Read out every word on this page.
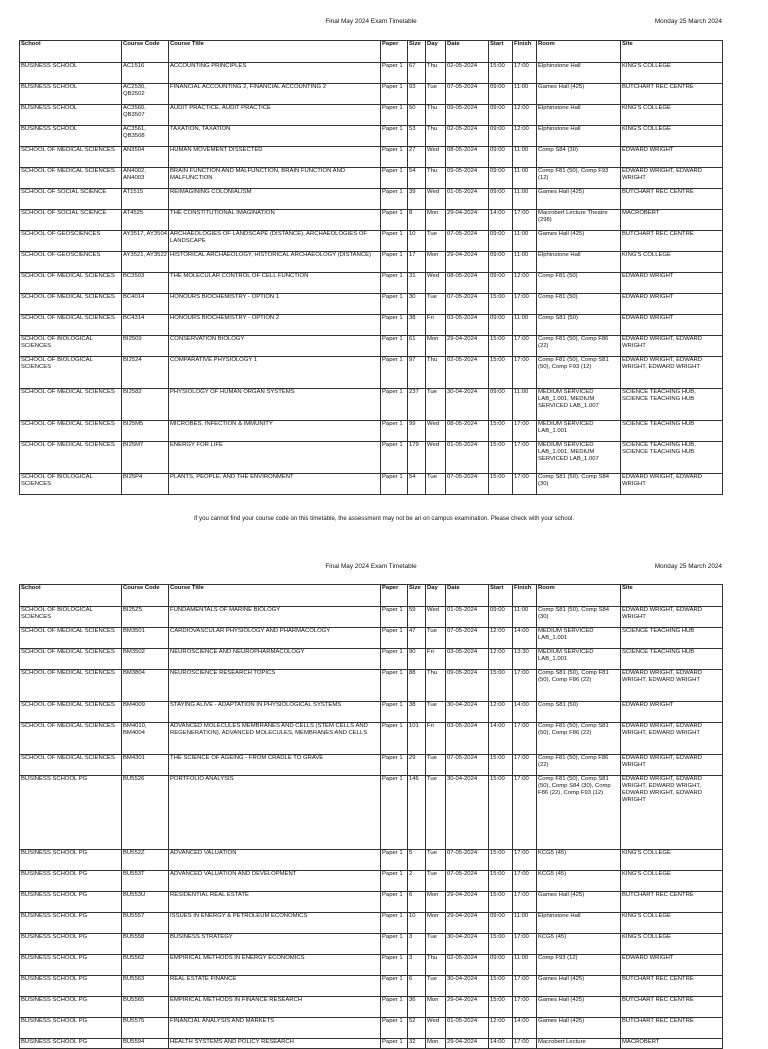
Final May 2024 Exam Timetable	Monday 25 March 2024
School	Course Code	Course Title	Paper	Size	Day	Date	Start	Finish	Room	Site
BUSINESS SCHOOL	AC1516	ACCOUNTING PRINCIPLES	Paper 1	67	Thu	02-05-2024	15:00	17:00	Elphinstone Hall	KING'S COLLEGE
BUSINESS SCHOOL	AC2530, QB2502	FINANCIAL ACCOUNTING 2, FINANCIAL ACCOUNTING 2	Paper 1	93	Tue	07-05-2024	09:00	11:00	Games Hall (425)	BUTCHART REC CENTRE
BUSINESS SCHOOL	AC3560, QB3507	AUDIT PRACTICE, AUDIT PRACTICE	Paper 1	50	Thu	09-05-2024	09:00	12:00	Elphinstone Hall	KING'S COLLEGE
BUSINESS SCHOOL	AC3561, QB3508	TAXATION, TAXATION	Paper 1	53	Thu	02-05-2024	09:00	12:00	Elphinstone Hall	KING'S COLLEGE
SCHOOL OF MEDICAL SCIENCES	AN3504	HUMAN MOVEMENT DISSECTED	Paper 1	27	Wed	08-05-2024	09:00	11:00	Comp S84 (30)	EDWARD WRIGHT
SCHOOL OF MEDICAL SCIENCES	AN4002, AN4003	BRAIN FUNCTION AND MALFUNCTION, BRAIN FUNCTION AND MALFUNCTION	Paper 1	54	Thu	09-05-2024	09:00	11:00	Comp F81 (50), Comp F93 (12)	EDWARD WRIGHT, EDWARD WRIGHT
SCHOOL OF SOCIAL SCIENCE	AT1515	REIMAGINING COLONIALISM	Paper 1	39	Wed	01-05-2024	09:00	11:00	Games Hall (425)	BUTCHART REC CENTRE
SCHOOL OF SOCIAL SCIENCE	AT4525	THE CONSTITUTIONAL IMAGINATION	Paper 1	8	Mon	29-04-2024	14:00	17:00	Macrobert Lecture Theatre (298)	MACROBERT
SCHOOL OF GEOSCIENCES	AY3517, AY3504	ARCHAEOLOGIES OF LANDSCAPE (DISTANCE), ARCHAEOLOGIES OF LANDSCAPE	Paper 1	10	Tue	07-05-2024	09:00	11:00	Games Hall (425)	BUTCHART REC CENTRE
SCHOOL OF GEOSCIENCES	AY3521, AY3522	HISTORICAL ARCHAEOLOGY, HISTORICAL ARCHAEOLOGY (DISTANCE)	Paper 1	17	Mon	29-04-2024	09:00	11:00	Elphinstone Hall	KING'S COLLEGE
SCHOOL OF MEDICAL SCIENCES	BC3503	THE MOLECULAR CONTROL OF CELL FUNCTION	Paper 1	31	Wed	08-05-2024	09:00	12:00	Comp F81 (50)	EDWARD WRIGHT
SCHOOL OF MEDICAL SCIENCES	BC4014	HONOURS BIOCHEMISTRY - OPTION 1	Paper 1	30	Tue	07-05-2024	15:00	17:00	Comp F81 (50)	EDWARD WRIGHT
SCHOOL OF MEDICAL SCIENCES	BC4314	HONOURS BIOCHEMISTRY - OPTION 2	Paper 1	38	Fri	03-05-2024	09:00	11:00	Comp S81 (50)	EDWARD WRIGHT
SCHOOL OF BIOLOGICAL SCIENCES	BI2509	CONSERVATION BIOLOGY	Paper 1	61	Mon	29-04-2024	15:00	17:00	Comp F81 (50), Comp F86 (22)	EDWARD WRIGHT, EDWARD WRIGHT
SCHOOL OF BIOLOGICAL SCIENCES	BI2524	COMPARATIVE PHYSIOLOGY 1	Paper 1	97	Thu	02-05-2024	15:00	17:00	Comp F81 (50), Comp S81 (50), Comp F93 (12)	EDWARD WRIGHT, EDWARD WRIGHT, EDWARD WRIGHT
SCHOOL OF MEDICAL SCIENCES	BI2582	PHYSIOLOGY OF HUMAN ORGAN SYSTEMS	Paper 1	237	Tue	30-04-2024	09:00	11:00	MEDIUM SERVICED LAB_1.001, MEDIUM SERVICED LAB_1.007	SCIENCE TEACHING HUB, SCIENCE TEACHING HUB
SCHOOL OF MEDICAL SCIENCES	BI25M5	MICROBES, INFECTION & IMMUNITY	Paper 1	99	Wed	08-05-2024	15:00	17:00	MEDIUM SERVICED LAB_1.001	SCIENCE TEACHING HUB
SCHOOL OF MEDICAL SCIENCES	BI25M7	ENERGY FOR LIFE	Paper 1	179	Wed	01-05-2024	15:00	17:00	MEDIUM SERVICED LAB_1.001, MEDIUM SERVICED LAB_1.007	SCIENCE TEACHING HUB, SCIENCE TEACHING HUB
SCHOOL OF BIOLOGICAL SCIENCES	BI25P4	PLANTS, PEOPLE, AND THE ENVIRONMENT	Paper 1	54	Tue	07-05-2024	15:00	17:00	Comp S81 (50), Comp S84 (30)	EDWARD WRIGHT, EDWARD WRIGHT
If you cannot find your course code on this timetable, the assessment may not be an on campus examination. Please check with your school.
Final May 2024 Exam Timetable	Monday 25 March 2024
School	Course Code	Course Title	Paper	Size	Day	Date	Start	Finish	Room	Site
SCHOOL OF BIOLOGICAL SCIENCES	BI25Z5	FUNDAMENTALS OF MARINE BIOLOGY	Paper 1	59	Wed	01-05-2024	09:00	11:00	Comp S81 (50), Comp S84 (30)	EDWARD WRIGHT, EDWARD WRIGHT
SCHOOL OF MEDICAL SCIENCES	BM3501	CARDIOVASCULAR PHYSIOLOGY AND PHARMACOLOGY	Paper 1	47	Tue	07-05-2024	12:00	14:00	MEDIUM SERVICED LAB_1.001	SCIENCE TEACHING HUB
SCHOOL OF MEDICAL SCIENCES	BM3502	NEUROSCIENCE AND NEUROPHARMACOLOGY	Paper 1	90	Fri	03-05-2024	12:00	13:30	MEDIUM SERVICED LAB_1.001	SCIENCE TEACHING HUB
SCHOOL OF MEDICAL SCIENCES	BM3804	NEUROSCIENCE RESEARCH TOPICS	Paper 1	88	Thu	09-05-2024	15:00	17:00	Comp S81 (50), Comp F81 (50), Comp F86 (22)	EDWARD WRIGHT, EDWARD WRIGHT, EDWARD WRIGHT
SCHOOL OF MEDICAL SCIENCES	BM4009	STAYING ALIVE - ADAPTATION IN PHYSIOLOGICAL SYSTEMS	Paper 1	38	Tue	30-04-2024	12:00	14:00	Comp S81 (50)	EDWARD WRIGHT
SCHOOL OF MEDICAL SCIENCES	BM4010, BM4004	ADVANCED MOLECULES MEMBRANES AND CELLS (STEM CELLS AND REGENERATION), ADVANCED MOLECULES, MEMBRANES AND CELLS	Paper 1	101	Fri	03-05-2024	14:00	17:00	Comp F81 (50), Comp S81 (50), Comp F86 (22)	EDWARD WRIGHT, EDWARD WRIGHT, EDWARD WRIGHT
SCHOOL OF MEDICAL SCIENCES	BM4301	THE SCIENCE OF AGEING - FROM CRADLE TO GRAVE	Paper 1	29	Tue	07-05-2024	15:00	17:00	Comp F81 (50), Comp F86 (22)	EDWARD WRIGHT, EDWARD WRIGHT
BUSINESS SCHOOL PG	BU5526	PORTFOLIO ANALYSIS	Paper 1	146	Tue	30-04-2024	15:00	17:00	Comp F81 (50), Comp S81 (50), Comp S84 (30), Comp F86 (22), Comp F93 (12)	EDWARD WRIGHT, EDWARD WRIGHT, EDWARD WRIGHT, EDWARD WRIGHT, EDWARD WRIGHT
BUSINESS SCHOOL PG	BU552Z	ADVANCED VALUATION	Paper 1	5	Tue	07-05-2024	15:00	17:00	KCG5 (45)	KING'S COLLEGE
BUSINESS SCHOOL PG	BU553T	ADVANCED VALUATION AND DEVELOPMENT	Paper 1	2	Tue	07-05-2024	15:00	17:00	KCG5 (45)	KING'S COLLEGE
BUSINESS SCHOOL PG	BU553U	RESIDENTIAL REAL ESTATE	Paper 1	6	Mon	29-04-2024	15:00	17:00	Games Hall (425)	BUTCHART REC CENTRE
BUSINESS SCHOOL PG	BU5557	ISSUES IN ENERGY & PETROLEUM ECONOMICS	Paper 1	10	Mon	29-04-2024	09:00	11:00	Elphinstone Hall	KING'S COLLEGE
BUSINESS SCHOOL PG	BU5558	BUSINESS STRATEGY	Paper 1	3	Tue	30-04-2024	15:00	17:00	KCG5 (45)	KING'S COLLEGE
BUSINESS SCHOOL PG	BU5562	EMPIRICAL METHODS IN ENERGY ECONOMICS	Paper 1	3	Thu	02-05-2024	09:00	11:00	Comp F93 (12)	EDWARD WRIGHT
BUSINESS SCHOOL PG	BU5563	REAL ESTATE FINANCE	Paper 1	6	Tue	30-04-2024	15:00	17:00	Games Hall (425)	BUTCHART REC CENTRE
BUSINESS SCHOOL PG	BU5565	EMPIRICAL METHODS IN FINANCE RESEARCH	Paper 1	36	Mon	29-04-2024	15:00	17:00	Games Hall (425)	BUTCHART REC CENTRE
BUSINESS SCHOOL PG	BU5575	FINANCIAL ANALYSIS AND MARKETS	Paper 1	52	Wed	01-05-2024	12:00	14:00	Games Hall (425)	BUTCHART REC CENTRE
BUSINESS SCHOOL PG	BU5594	HEALTH SYSTEMS AND POLICY RESEARCH	Paper 1	32	Mon	29-04-2024	14:00	17:00	Macrobert Lecture	MACROBERT
